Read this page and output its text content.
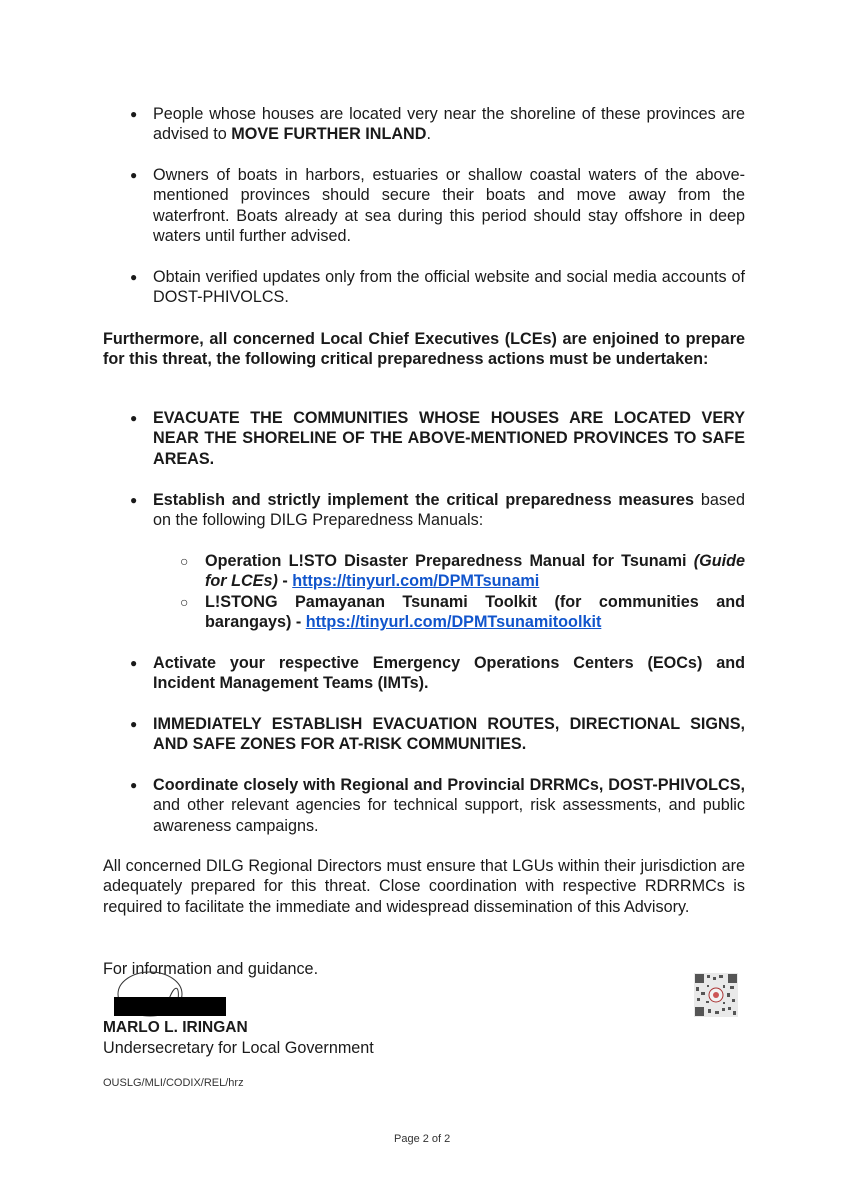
● People whose houses are located very near the shoreline of these provinces are advised to MOVE FURTHER INLAND.
● Owners of boats in harbors, estuaries or shallow coastal waters of the above-mentioned provinces should secure their boats and move away from the waterfront. Boats already at sea during this period should stay offshore in deep waters until further advised.
● Obtain verified updates only from the official website and social media accounts of DOST-PHIVOLCS.
Furthermore, all concerned Local Chief Executives (LCEs) are enjoined to prepare for this threat, the following critical preparedness actions must be undertaken:
● EVACUATE THE COMMUNITIES WHOSE HOUSES ARE LOCATED VERY NEAR THE SHORELINE OF THE ABOVE-MENTIONED PROVINCES TO SAFE AREAS.
● Establish and strictly implement the critical preparedness measures based on the following DILG Preparedness Manuals:
○ Operation L!STO Disaster Preparedness Manual for Tsunami (Guide for LCEs) - https://tinyurl.com/DPMTsunami
○ L!STONG Pamayanan Tsunami Toolkit (for communities and barangays) - https://tinyurl.com/DPMTsunamitoolkit
● Activate your respective Emergency Operations Centers (EOCs) and Incident Management Teams (IMTs).
● IMMEDIATELY ESTABLISH EVACUATION ROUTES, DIRECTIONAL SIGNS, AND SAFE ZONES FOR AT-RISK COMMUNITIES.
● Coordinate closely with Regional and Provincial DRRMCs, DOST-PHIVOLCS, and other relevant agencies for technical support, risk assessments, and public awareness campaigns.
All concerned DILG Regional Directors must ensure that LGUs within their jurisdiction are adequately prepared for this threat. Close coordination with respective RDRRMCs is required to facilitate the immediate and widespread dissemination of this Advisory.
For information and guidance.
MARLO L. IRINGAN
Undersecretary for Local Government
OUSLG/MLI/CODIX/REL/hrz
Page 2 of 2
